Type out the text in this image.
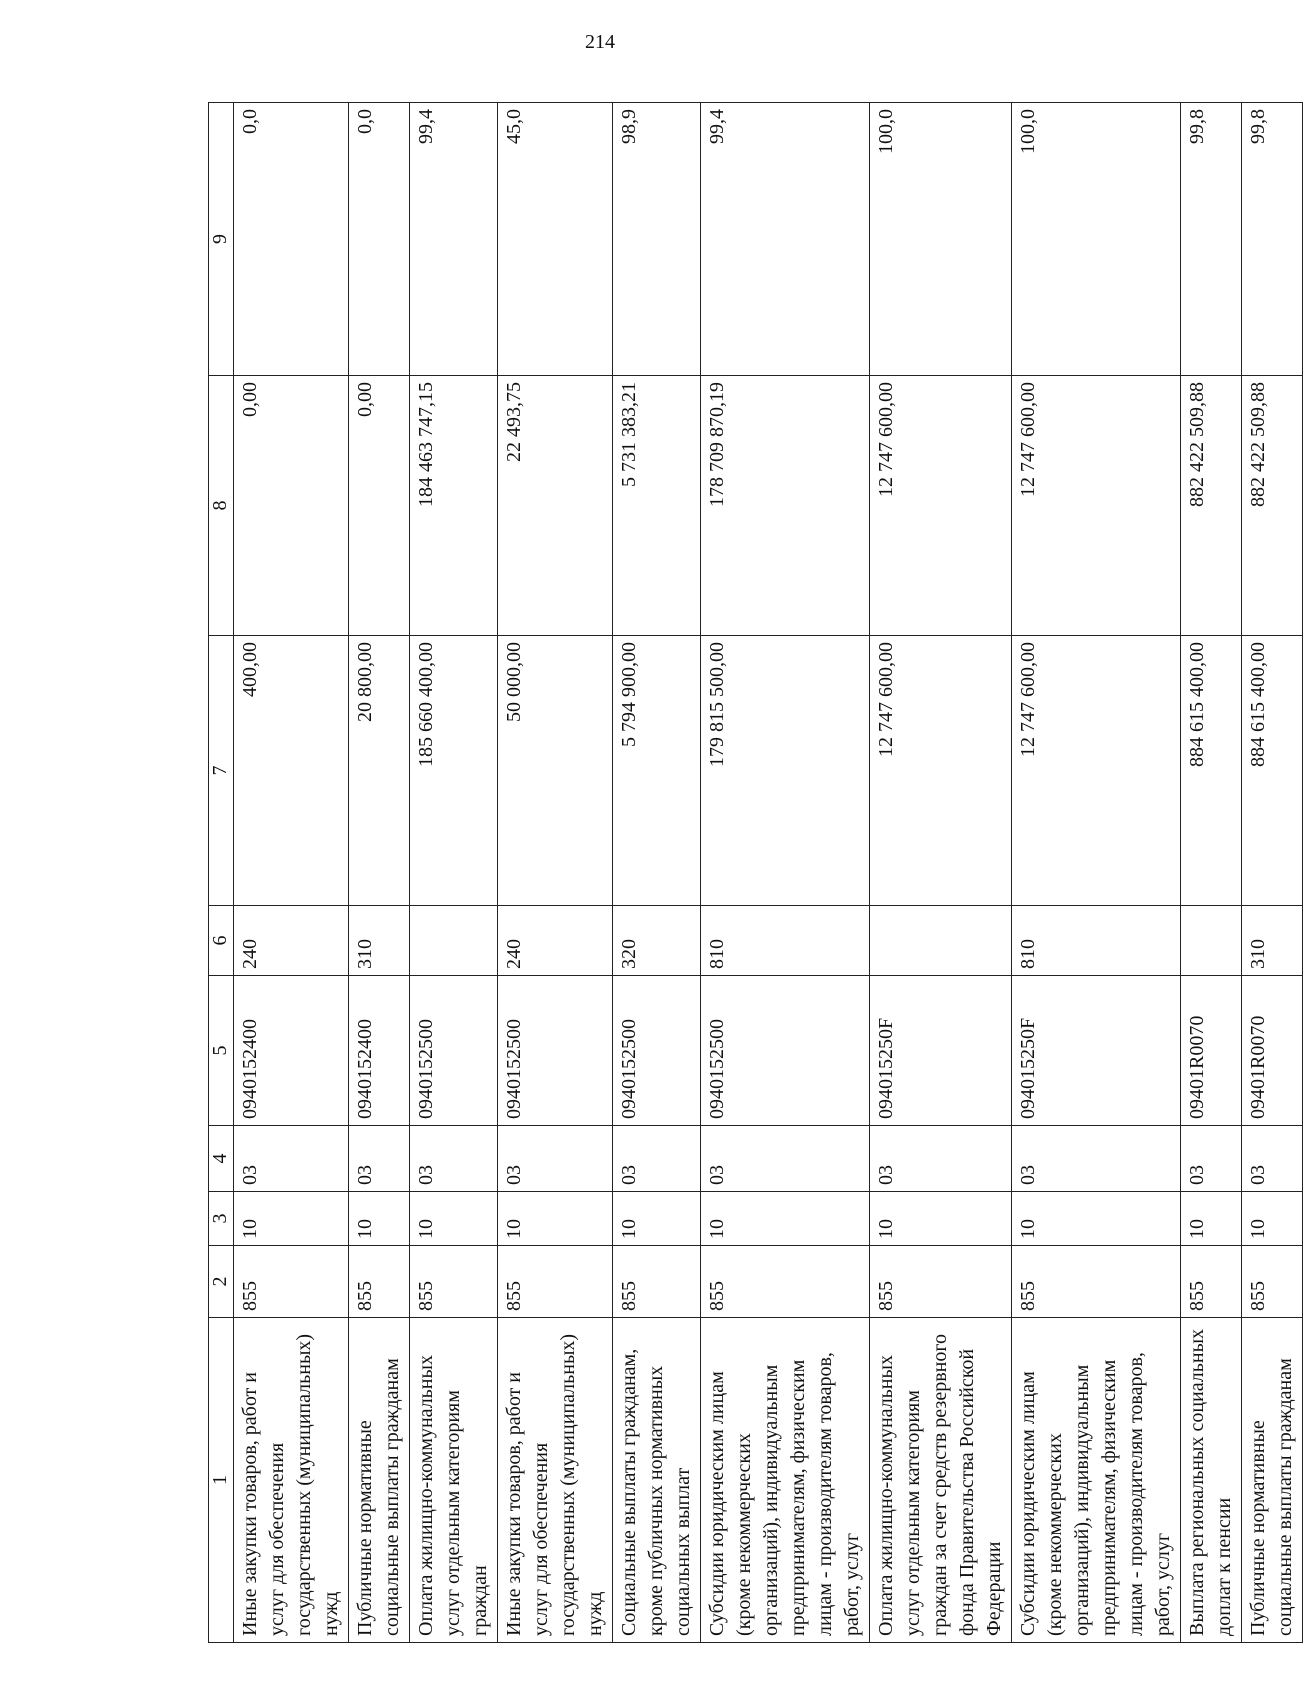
214
1	2	3	4	5	6	7	8	9
Иные закупки товаров, работ и услуг для обеспечения государственных (муниципальных) нужд	855	10	03	0940152400	240	400,00	0,00	0,0
Публичные нормативные социальные выплаты гражданам	855	10	03	0940152400	310	20 800,00	0,00	0,0
Оплата жилищно-коммунальных услуг отдельным категориям граждан	855	10	03	0940152500		185 660 400,00	184 463 747,15	99,4
Иные закупки товаров, работ и услуг для обеспечения государственных (муниципальных) нужд	855	10	03	0940152500	240	50 000,00	22 493,75	45,0
Социальные выплаты гражданам, кроме публичных нормативных социальных выплат	855	10	03	0940152500	320	5 794 900,00	5 731 383,21	98,9
Субсидии юридическим лицам (кроме некоммерческих организаций), индивидуальным предпринимателям, физическим лицам - производителям товаров, работ, услуг	855	10	03	0940152500	810	179 815 500,00	178 709 870,19	99,4
Оплата жилищно-коммунальных услуг отдельным категориям граждан за счет средств резервного фонда Правительства Российской Федерации	855	10	03	094015250F		12 747 600,00	12 747 600,00	100,0
Субсидии юридическим лицам (кроме некоммерческих организаций), индивидуальным предпринимателям, физическим лицам - производителям товаров, работ, услуг	855	10	03	094015250F	810	12 747 600,00	12 747 600,00	100,0
Выплата региональных социальных доплат к пенсии	855	10	03	09401R0070		884 615 400,00	882 422 509,88	99,8
Публичные нормативные социальные выплаты гражданам	855	10	03	09401R0070	310	884 615 400,00	882 422 509,88	99,8
